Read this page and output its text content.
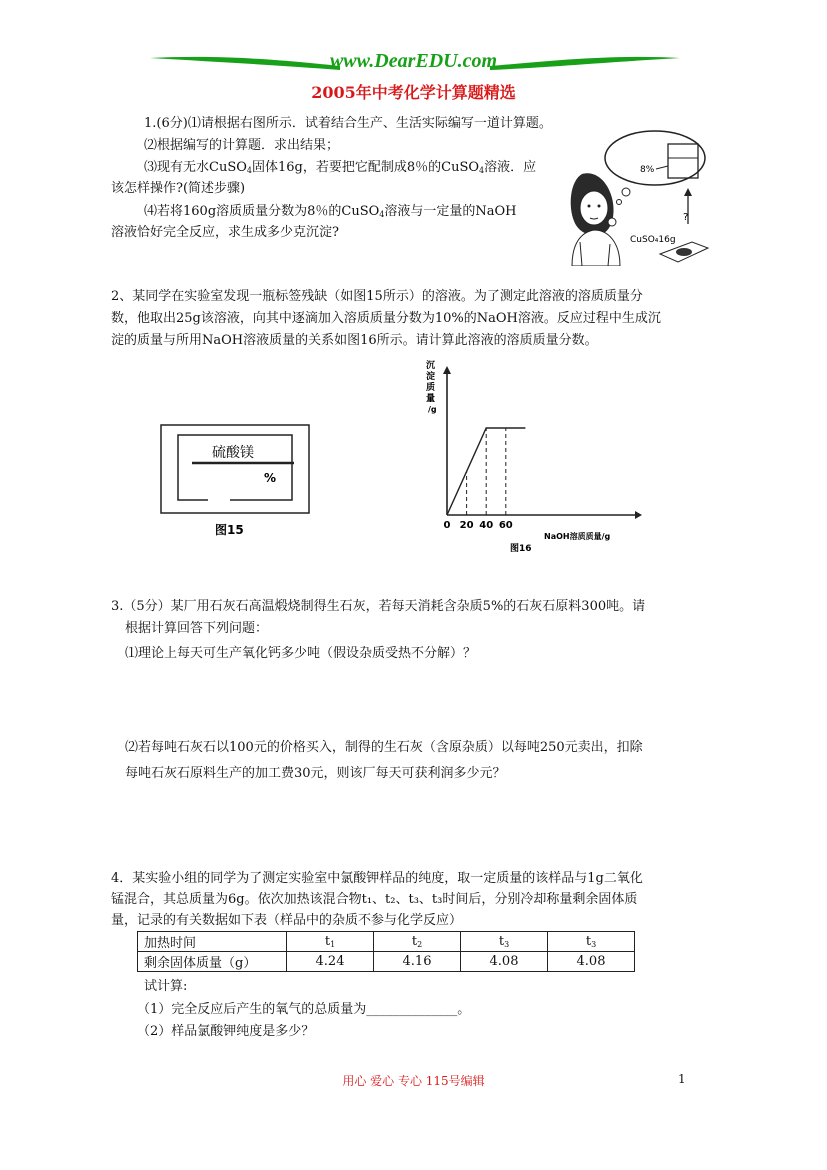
www.DearEDU.com
2005年中考化学计算题精选
1.(6分)⑴请根据右图所示．试着结合生产、生活实际编写一道计算题。
⑵根据编写的计算题．求出结果；
⑶现有无水CuSO$_4$固体16g，若要把它配制成8％的CuSO$_4$溶液．应
该怎样操作?(简述步骤)
⑷若将160g溶质质量分数为8％的CuSO$_4$溶液与一定量的NaOH
溶液恰好完全反应，求生成多少克沉淀?
8%
?
CuSO₄16g
2、某同学在实验室发现一瓶标签残缺（如图15所示）的溶液。为了测定此溶液的溶质质量分
数，他取出25g该溶液，向其中逐滴加入溶质质量分数为10%的NaOH溶液。反应过程中生成沉
淀的质量与所用NaOH溶液质量的关系如图16所示。请计算此溶液的溶质质量分数。
硫酸镁
%
图15
沉
淀
质
量
/g
0 20 40 60
NaOH溶质质量/g
图16
3.（5分）某厂用石灰石高温煅烧制得生石灰，若每天消耗含杂质5%的石灰石原料300吨。请
根据计算回答下列问题：
⑴理论上每天可生产氧化钙多少吨（假设杂质受热不分解）？
⑵若每吨石灰石以100元的价格买入，制得的生石灰（含原杂质）以每吨250元卖出，扣除
每吨石灰石原料生产的加工费30元，则该厂每天可获利润多少元？
4．某实验小组的同学为了测定实验室中氯酸钾样品的纯度，取一定质量的该样品与1g二氧化
锰混合，其总质量为6g。依次加热该混合物t₁、t₂、t₃、t₃时间后，分别冷却称量剩余固体质
量，记录的有关数据如下表（样品中的杂质不参与化学反应）
加热时间	$t_1$	$t_2$	$t_3$	$t_3$
剩余固体质量（g）	4.24	4.16	4.08	4.08
试计算:
（1）完全反应后产生的氧气的总质量为______________。
（2）样品氯酸钾纯度是多少？
用心 爱心 专心 115号编辑	1
